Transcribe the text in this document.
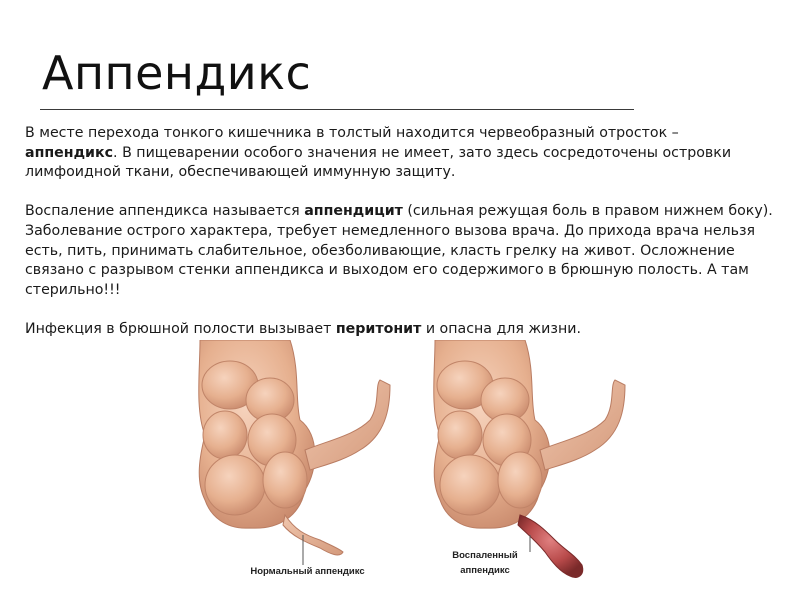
Аппендикс

В месте перехода тонкого кишечника в толстый находится червеобразный отросток – аппендикс. В пищеварении особого значения не имеет, зато здесь сосредоточены островки лимфоидной ткани, обеспечивающей иммунную защиту.

Воспаление аппендикса называется аппендицит (сильная режущая боль в правом нижнем боку). Заболевание острого характера, требует немедленного вызова врача. До прихода врача нельзя есть, пить, принимать слабительное, обезболивающие, класть грелку на живот. Осложнение связано с разрывом стенки аппендикса и выходом его содержимого в брюшную полость. А там стерильно!!!

Инфекция в брюшной полости вызывает перитонит и опасна для жизни.

Нормальный аппендикс
Воспаленный
аппендикс
